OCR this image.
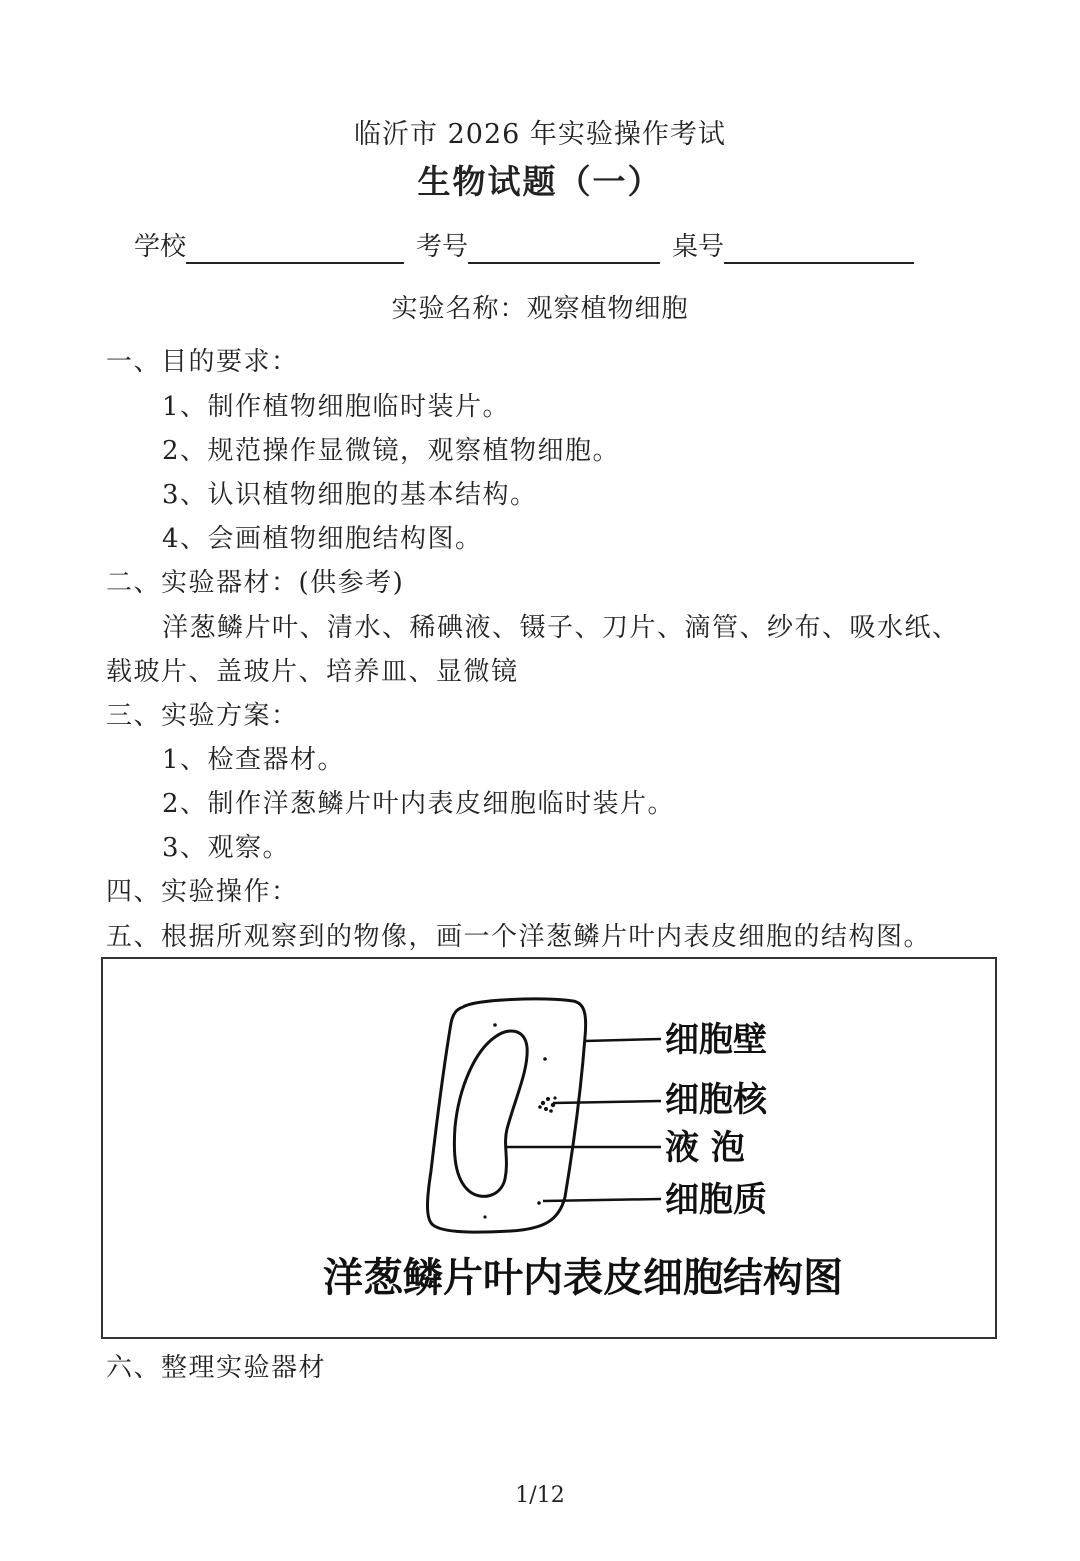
临沂市 2026 年实验操作考试
生物试题（一）
学校	考号	桌号
实验名称：观察植物细胞
一、目的要求：
1、制作植物细胞临时装片。
2、规范操作显微镜，观察植物细胞。
3、认识植物细胞的基本结构。
4、会画植物细胞结构图。
二、实验器材：(供参考)
洋葱鳞片叶、清水、稀碘液、镊子、刀片、滴管、纱布、吸水纸、
载玻片、盖玻片、培养皿、显微镜
三、实验方案：
1、检查器材。
2、制作洋葱鳞片叶内表皮细胞临时装片。
3、观察。
四、实验操作：
五、根据所观察到的物像，画一个洋葱鳞片叶内表皮细胞的结构图。
细胞壁
细胞核
液 泡
细胞质
洋葱鳞片叶内表皮细胞结构图
六、整理实验器材
1/12
